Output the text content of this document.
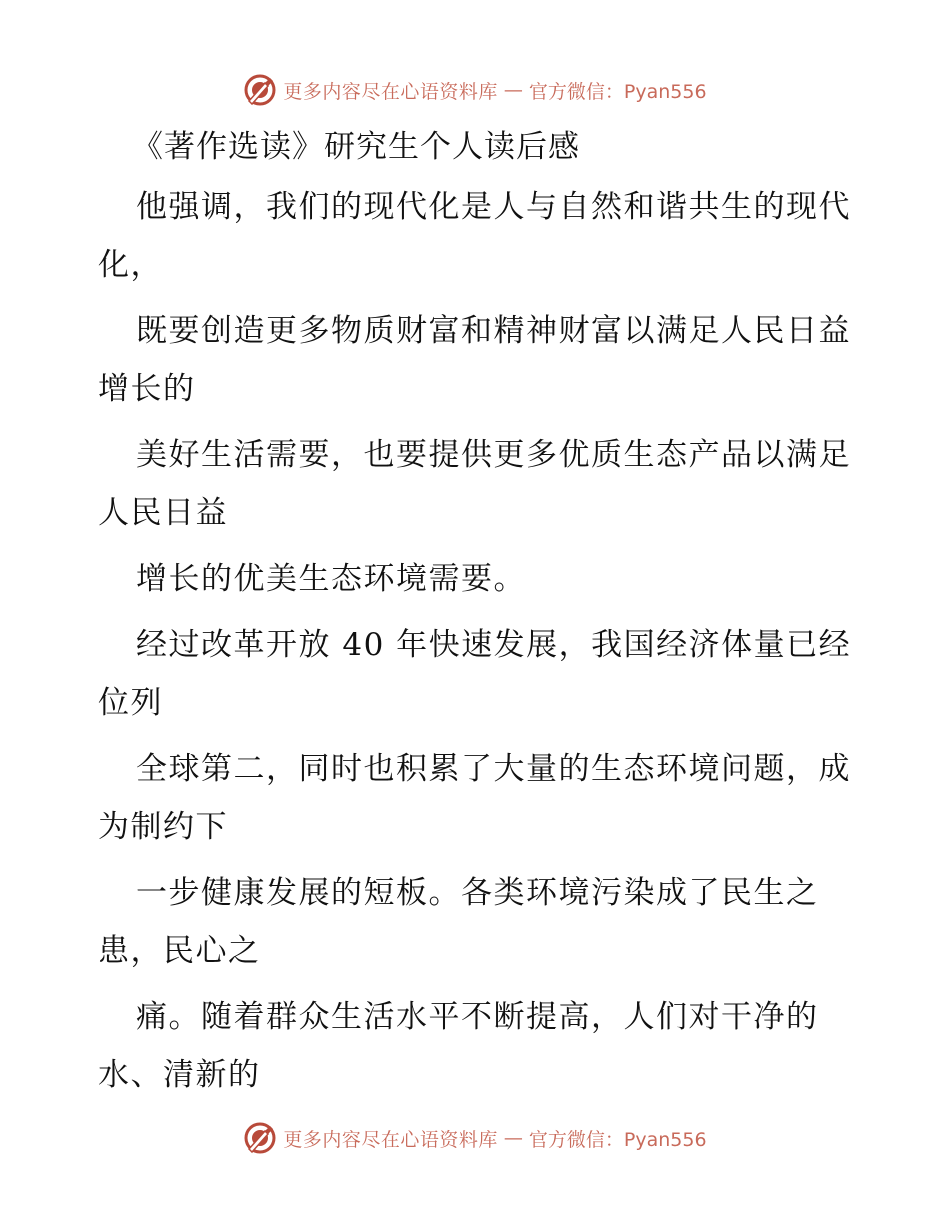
更多内容尽在心语资料库 — 官方微信：Pyan556
《著作选读》研究生个人读后感

他强调，我们的现代化是人与自然和谐共生的现代化，

既要创造更多物质财富和精神财富以满足人民日益增长的

美好生活需要，也要提供更多优质生态产品以满足人民日益

增长的优美生态环境需要。

经过改革开放 40 年快速发展，我国经济体量已经位列

全球第二，同时也积累了大量的生态环境问题，成为制约下

一步健康发展的短板。各类环境污染成了民生之患，民心之

痛。随着群众生活水平不断提高，人们对干净的水、清新的

更多内容尽在心语资料库 — 官方微信：Pyan556
